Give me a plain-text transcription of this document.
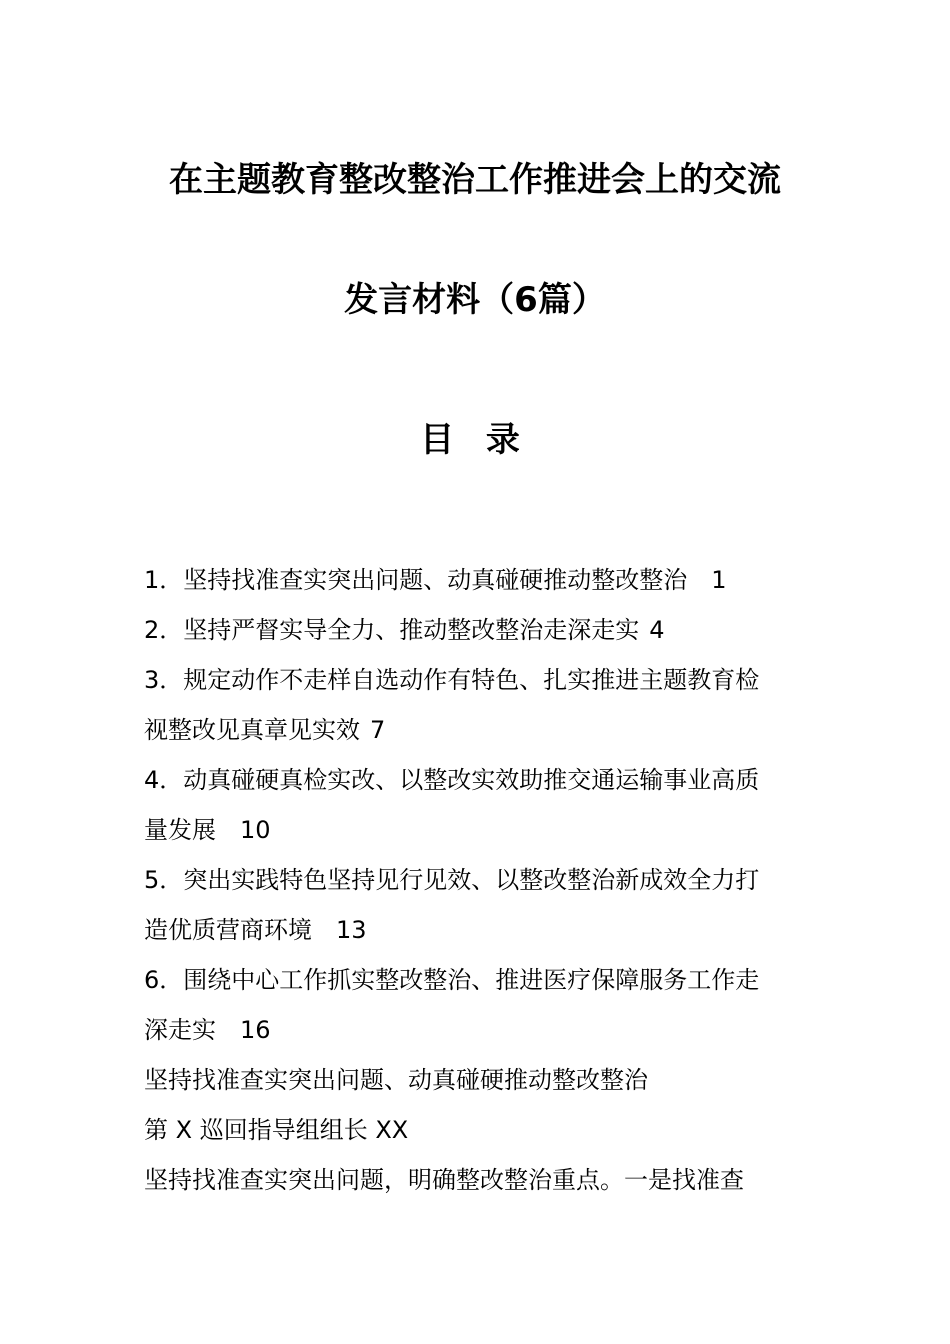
在主题教育整改整治工作推进会上的交流
发言材料（6篇）
目 录
1．坚持找准查实突出问题、动真碰硬推动整改整治 1
2．坚持严督实导全力、推动整改整治走深走实 4
3．规定动作不走样自选动作有特色、扎实推进主题教育检
视整改见真章见实效 7
4．动真碰硬真检实改、以整改实效助推交通运输事业高质
量发展 10
5．突出实践特色坚持见行见效、以整改整治新成效全力打
造优质营商环境 13
6．围绕中心工作抓实整改整治、推进医疗保障服务工作走
深走实 16
坚持找准查实突出问题、动真碰硬推动整改整治
第 X 巡回指导组组长 XX
坚持找准查实突出问题，明确整改整治重点。一是找准查
